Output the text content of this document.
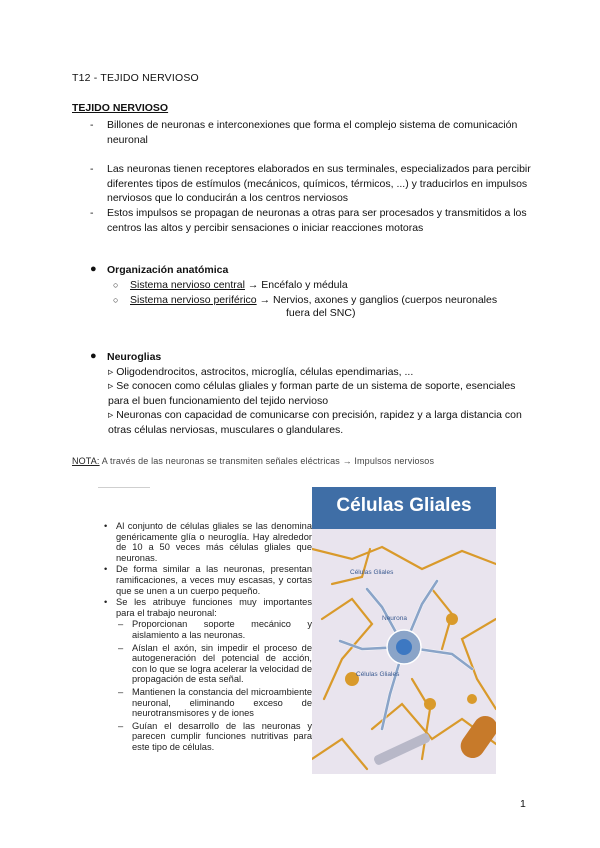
T12 - TEJIDO NERVIOSO
TEJIDO NERVIOSO
- Billones de neuronas e interconexiones que forma el complejo sistema de comunicación neuronal
- Las neuronas tienen receptores elaborados en sus terminales, especializados para percibir diferentes tipos de estímulos (mecánicos, químicos, térmicos, ...) y traducirlos en impulsos nerviosos que lo conducirán a los centros nerviosos
- Estos impulsos se propagan de neuronas a otras para ser procesados y transmitidos a los centros las altos y percibir sensaciones o iniciar reacciones motoras
● Organización anatómica
○ Sistema nervioso central → Encéfalo y médula
○ Sistema nervioso periférico → Nervios, axones y ganglios (cuerpos neuronales
fuera del SNC)
● Neuroglias
▹ Oligodendrocitos, astrocitos, microglía, células ependimarias, ...
▹ Se conocen como células gliales y forman parte de un sistema de soporte, esenciales para el buen funcionamiento del tejido nervioso
▹ Neuronas con capacidad de comunicarse con precisión, rapidez y a larga distancia con otras células nerviosas, musculares o glandulares.
NOTA: A través de las neuronas se transmiten señales eléctricas → Impulsos nerviosos
• Al conjunto de células gliales se las denomina genéricamente glía o neuroglía. Hay alrededor de 10 a 50 veces más células gliales que neuronas.
• De forma similar a las neuronas, presentan ramificaciones, a veces muy escasas, y cortas que se unen a un cuerpo pequeño.
• Se les atribuye funciones muy importantes para el trabajo neuronal:
– Proporcionan soporte mecánico y aislamiento a las neuronas.
– Aíslan el axón, sin impedir el proceso de autogeneración del potencial de acción, con lo que se logra acelerar la velocidad de propagación de esta señal.
– Mantienen la constancia del microambiente neuronal, eliminando exceso de neurotransmisores y de iones
– Guían el desarrollo de las neuronas y parecen cumplir funciones nutritivas para este tipo de células.
Células Gliales
Células Gliales
Neurona
Células Gliales
1
